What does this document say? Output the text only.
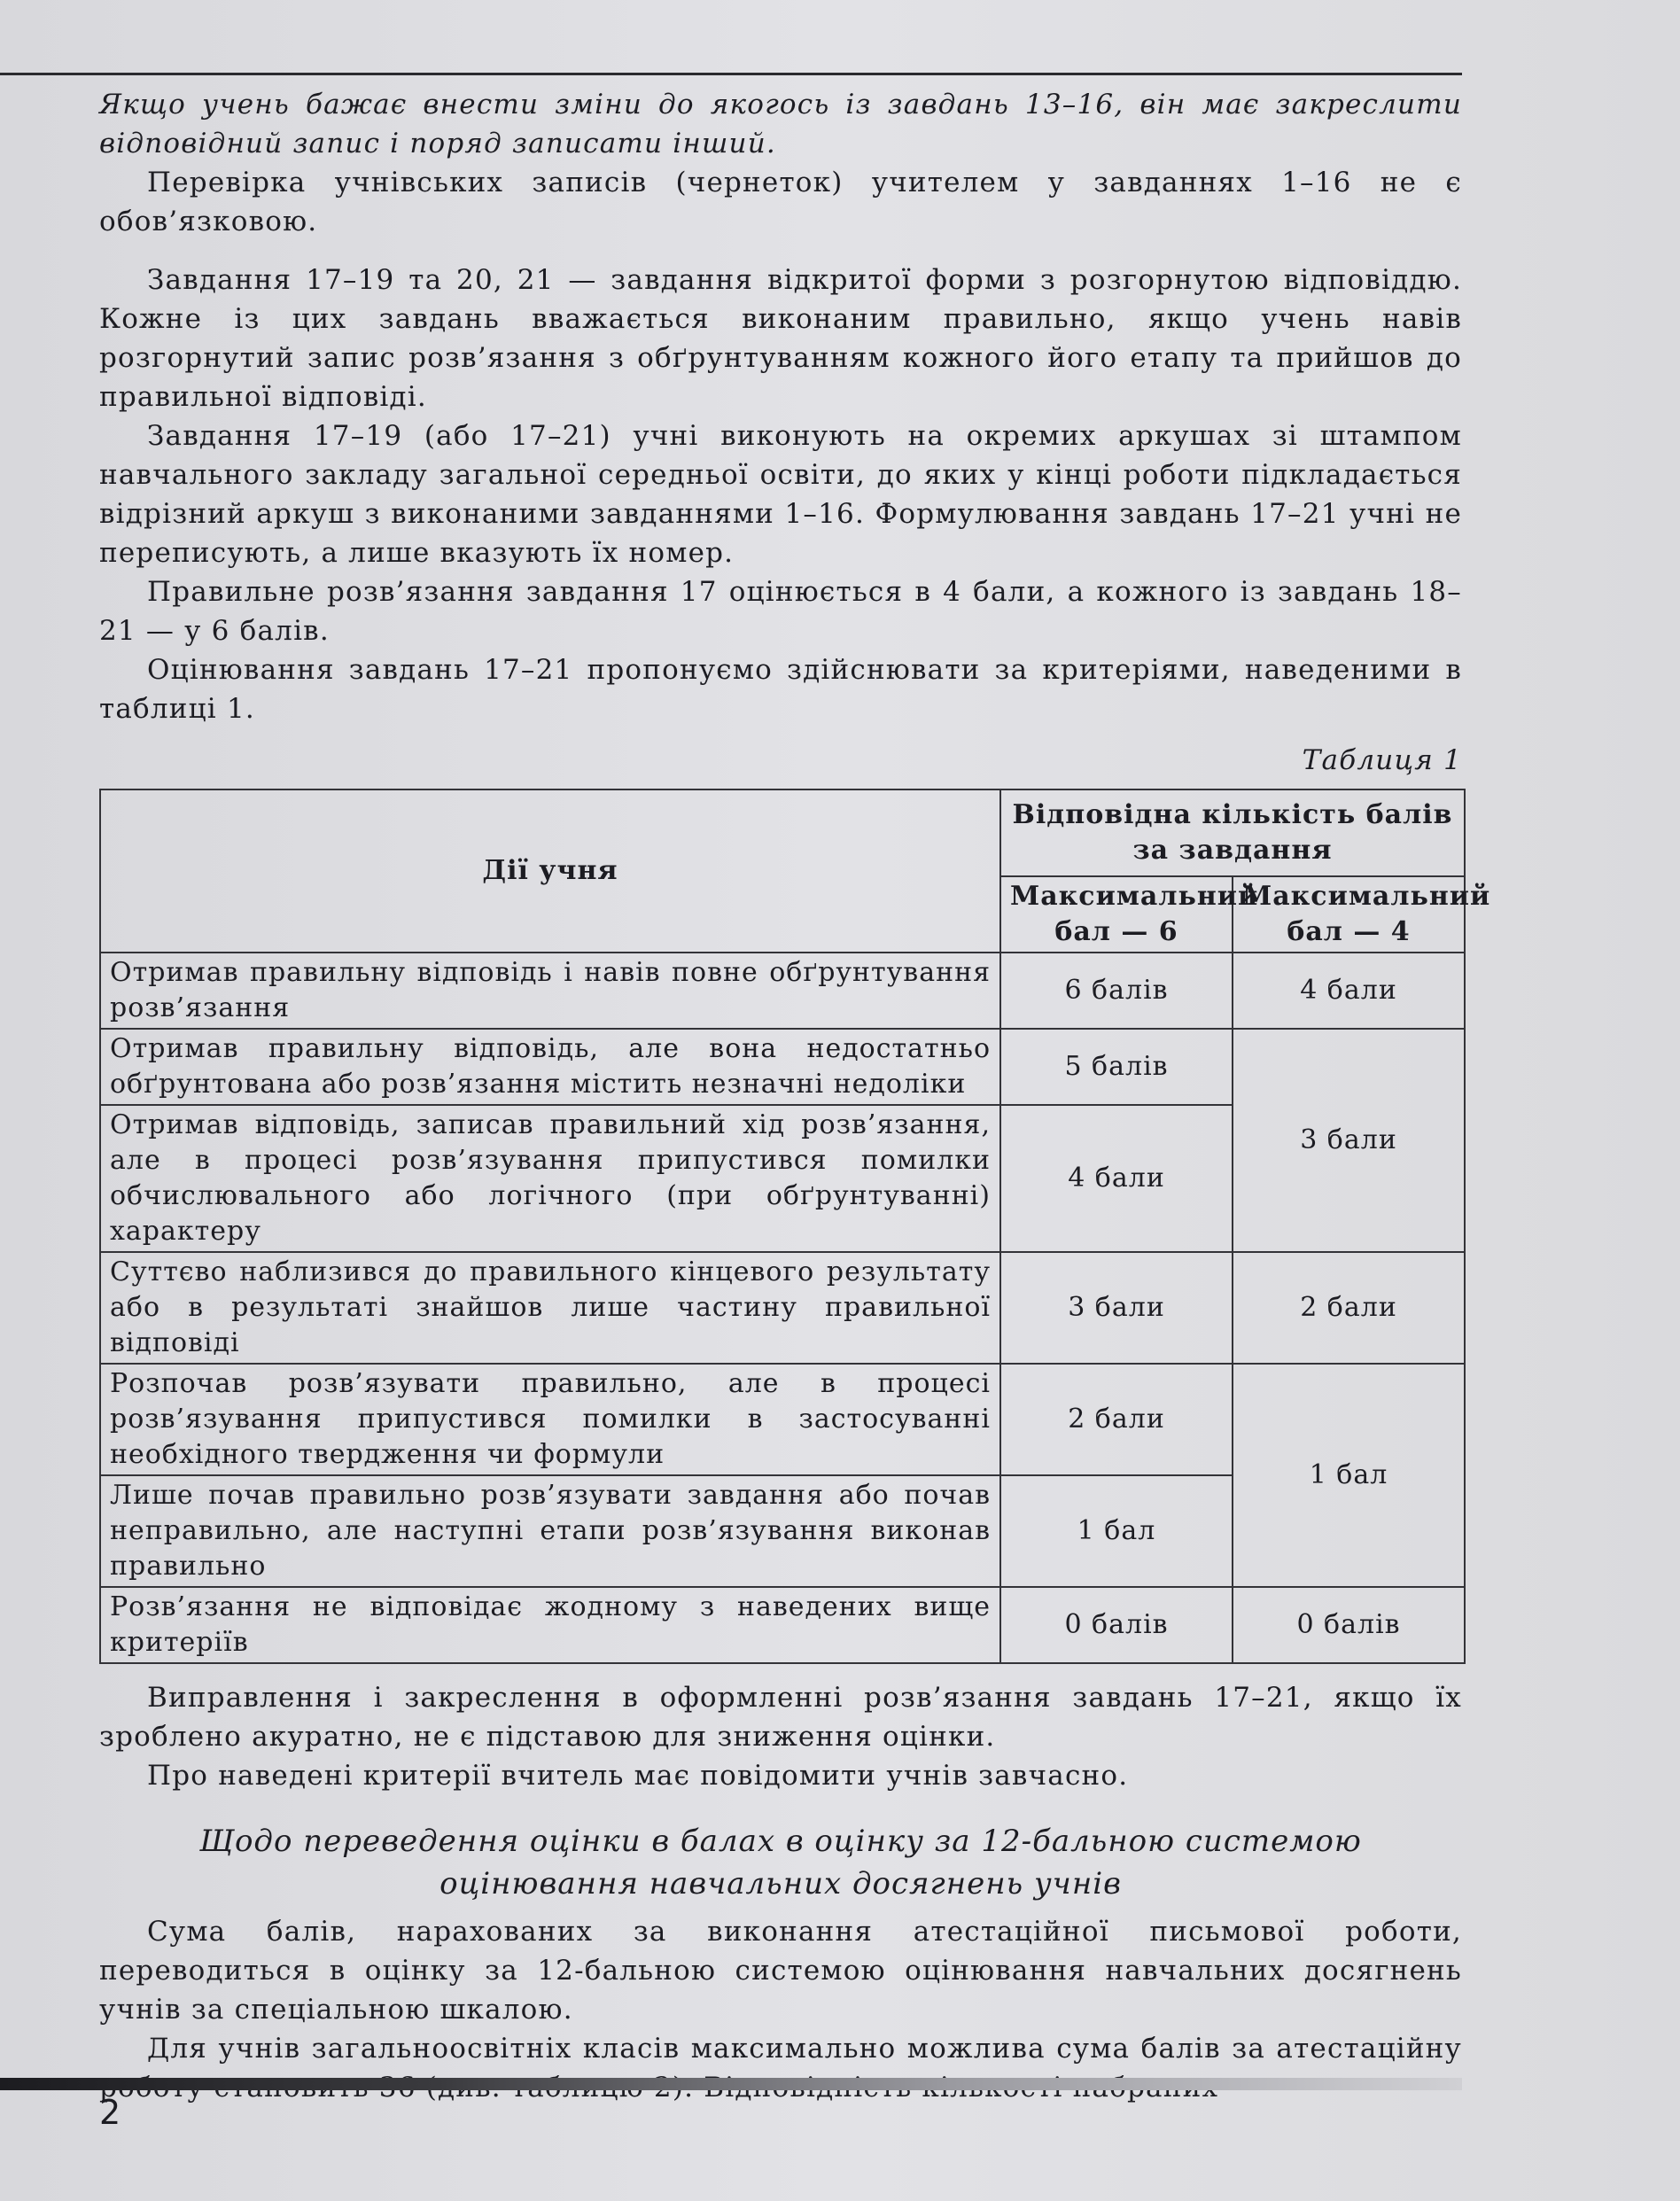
Якщо учень бажає внести зміни до якогось із завдань 13–16, він має закреслити відповідний запис і поряд записати інший.

Перевірка учнівських записів (чернеток) учителем у завданнях 1–16 не є обов’язковою.

Завдання 17–19 та 20, 21 — завдання відкритої форми з розгорнутою відповіддю. Кожне із цих завдань вважається виконаним правильно, якщо учень навів розгорнутий запис розв’язання з обґрунтуванням кожного його етапу та прийшов до правильної відповіді.

Завдання 17–19 (або 17–21) учні виконують на окремих аркушах зі штампом навчального закладу загальної середньої освіти, до яких у кінці роботи підкладається відрізний аркуш з виконаними завданнями 1–16. Формулювання завдань 17–21 учні не переписують, а лише вказують їх номер.

Правильне розв’язання завдання 17 оцінюється в 4 бали, а кожного із завдань 18–21 — у 6 балів.

Оцінювання завдань 17–21 пропонуємо здійснювати за критеріями, наведеними в таблиці 1.

Таблиця 1
Дії учня	Відповідна кількість балів за завдання	
	Максимальний бал — 6	Максимальний бал — 4
Отримав правильну відповідь і навів повне обґрунтування розв’язання	6 балів	4 бали
Отримав правильну відповідь, але вона недостатньо обґрунтована або розв’язання містить незначні недоліки	5 балів	3 бали
Отримав відповідь, записав правильний хід розв’язання, але в процесі розв’язування припустився помилки обчислювального або логічного (при обґрунтуванні) характеру	4 бали	
Суттєво наблизився до правильного кінцевого результату або в результаті знайшов лише частину правильної відповіді	3 бали	2 бали
Розпочав розв’язувати правильно, але в процесі розв’язування припустився помилки в застосуванні необхідного твердження чи формули	2 бали	1 бал
Лише почав правильно розв’язувати завдання або почав неправильно, але наступні етапи розв’язування виконав правильно	1 бал	
Розв’язання не відповідає жодному з наведених вище критеріїв	0 балів	0 балів

Виправлення і закреслення в оформленні розв’язання завдань 17–21, якщо їх зроблено акуратно, не є підставою для зниження оцінки.

Про наведені критерії вчитель має повідомити учнів завчасно.

Щодо переведення оцінки в балах в оцінку за 12-бальною системою оцінювання навчальних досягнень учнів

Сума балів, нарахованих за виконання атестаційної письмової роботи, переводиться в оцінку за 12-бальною системою оцінювання навчальних досягнень учнів за спеціальною шкалою.

Для учнів загальноосвітніх класів максимально можлива сума балів за атестаційну

2
